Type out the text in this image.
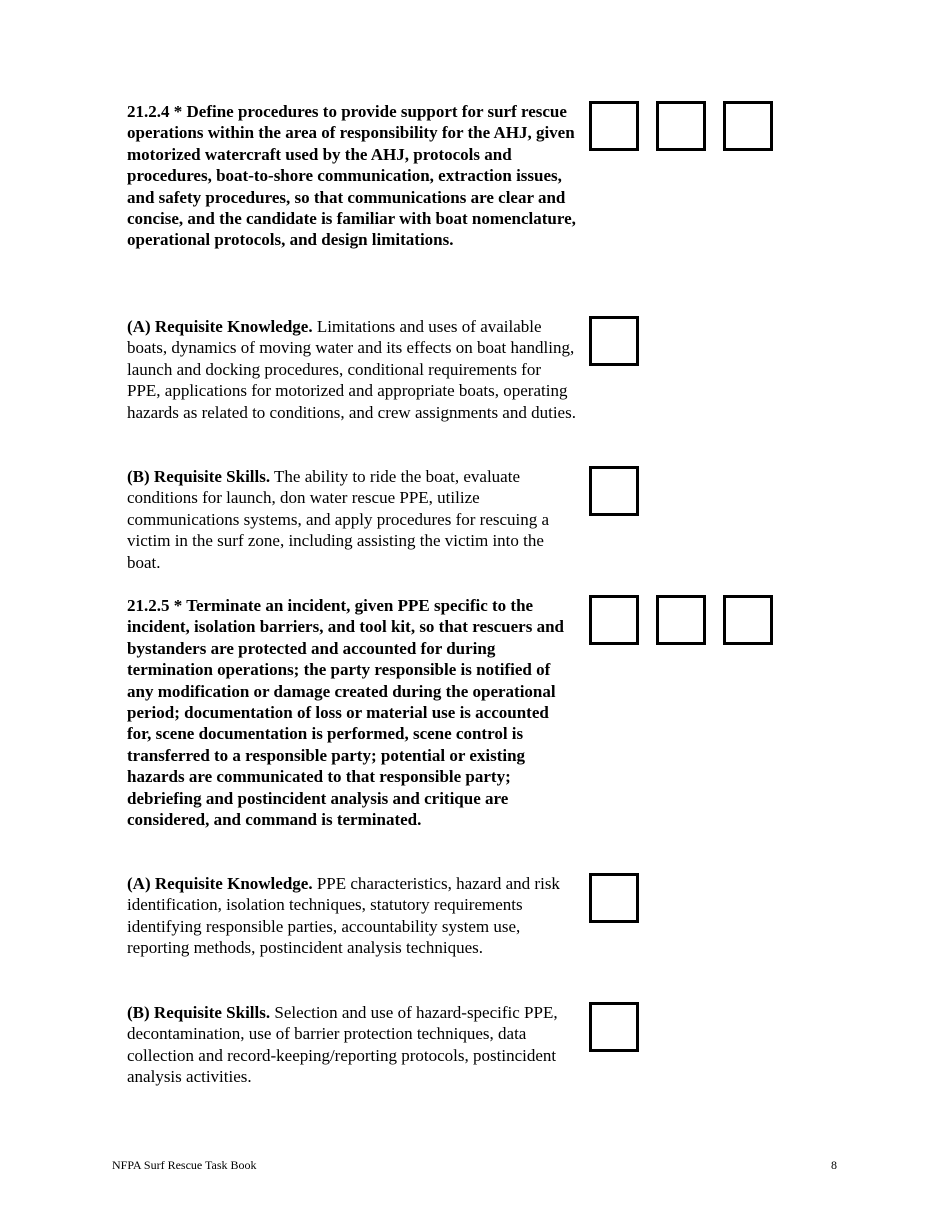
21.2.4 * Define procedures to provide support for surf rescue operations within the area of responsibility for the AHJ, given motorized watercraft used by the AHJ, protocols and procedures, boat-to-shore communication, extraction issues, and safety procedures, so that communications are clear and concise, and the candidate is familiar with boat nomenclature, operational protocols, and design limitations.
(A) Requisite Knowledge. Limitations and uses of available boats, dynamics of moving water and its effects on boat handling, launch and docking procedures, conditional requirements for PPE, applications for motorized and appropriate boats, operating hazards as related to conditions, and crew assignments and duties.
(B) Requisite Skills. The ability to ride the boat, evaluate conditions for launch, don water rescue PPE, utilize communications systems, and apply procedures for rescuing a victim in the surf zone, including assisting the victim into the boat.
21.2.5 * Terminate an incident, given PPE specific to the incident, isolation barriers, and tool kit, so that rescuers and bystanders are protected and accounted for during termination operations; the party responsible is notified of any modification or damage created during the operational period; documentation of loss or material use is accounted for, scene documentation is performed, scene control is transferred to a responsible party; potential or existing hazards are communicated to that responsible party; debriefing and postincident analysis and critique are considered, and command is terminated.
(A) Requisite Knowledge. PPE characteristics, hazard and risk identification, isolation techniques, statutory requirements identifying responsible parties, accountability system use, reporting methods, postincident analysis techniques.
(B) Requisite Skills. Selection and use of hazard-specific PPE, decontamination, use of barrier protection techniques, data collection and record-keeping/reporting protocols, postincident analysis activities.
NFPA Surf Rescue Task Book	8
